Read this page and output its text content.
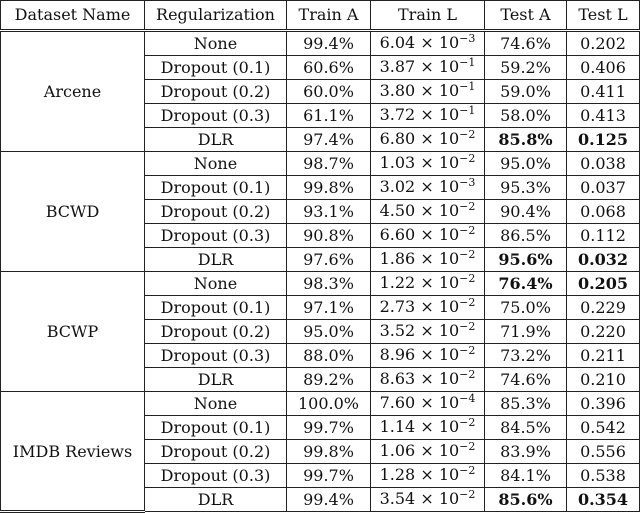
Dataset Name	Regularization	Train A	Train L	Test A	Test L
Arcene	None	99.4%	$6.04 \times 10^{-3}$	74.6%	0.202
	Dropout (0.1)	60.6%	$3.87 \times 10^{-1}$	59.2%	0.406
	Dropout (0.2)	60.0%	$3.80 \times 10^{-1}$	59.0%	0.411
	Dropout (0.3)	61.1%	$3.72 \times 10^{-1}$	58.0%	0.413
	DLR	97.4%	$6.80 \times 10^{-2}$	85.8%	0.125
BCWD	None	98.7%	$1.03 \times 10^{-2}$	95.0%	0.038
	Dropout (0.1)	99.8%	$3.02 \times 10^{-3}$	95.3%	0.037
	Dropout (0.2)	93.1%	$4.50 \times 10^{-2}$	90.4%	0.068
	Dropout (0.3)	90.8%	$6.60 \times 10^{-2}$	86.5%	0.112
	DLR	97.6%	$1.86 \times 10^{-2}$	95.6%	0.032
BCWP	None	98.3%	$1.22 \times 10^{-2}$	76.4%	0.205
	Dropout (0.1)	97.1%	$2.73 \times 10^{-2}$	75.0%	0.229
	Dropout (0.2)	95.0%	$3.52 \times 10^{-2}$	71.9%	0.220
	Dropout (0.3)	88.0%	$8.96 \times 10^{-2}$	73.2%	0.211
	DLR	89.2%	$8.63 \times 10^{-2}$	74.6%	0.210
IMDB Reviews	None	100.0%	$7.60 \times 10^{-4}$	85.3%	0.396
	Dropout (0.1)	99.7%	$1.14 \times 10^{-2}$	84.5%	0.542
	Dropout (0.2)	99.8%	$1.06 \times 10^{-2}$	83.9%	0.556
	Dropout (0.3)	99.7%	$1.28 \times 10^{-2}$	84.1%	0.538
	DLR	99.4%	$3.54 \times 10^{-2}$	85.6%	0.354
